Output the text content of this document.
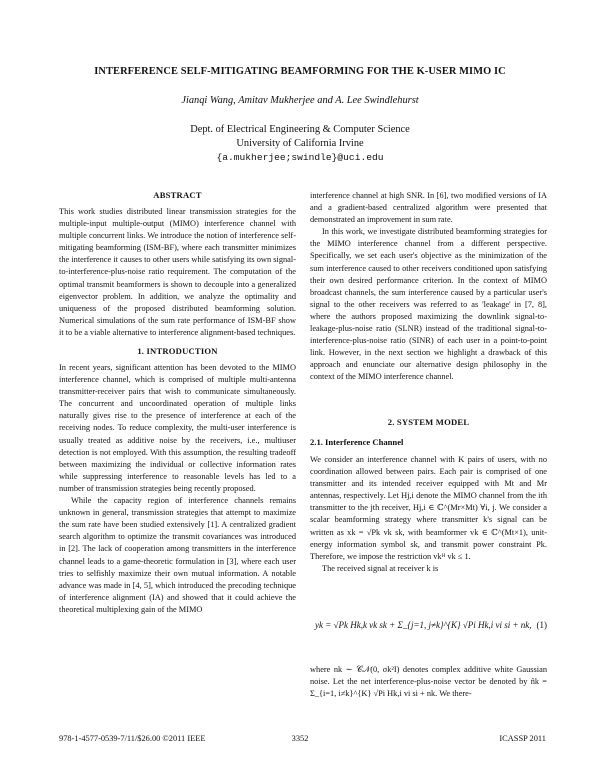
INTERFERENCE SELF-MITIGATING BEAMFORMING FOR THE K-USER MIMO IC
Jianqi Wang, Amitav Mukherjee and A. Lee Swindlehurst
Dept. of Electrical Engineering & Computer Science
University of California Irvine
{a.mukherjee;swindle}@uci.edu
ABSTRACT

This work studies distributed linear transmission strategies for the multiple-input multiple-output (MIMO) interference channel with multiple concurrent links. We introduce the notion of interference self-mitigating beamforming (ISM-BF), where each transmitter minimizes the interference it causes to other users while satisfying its own signal-to-interference-plus-noise ratio requirement. The computation of the optimal transmit beamformers is shown to decouple into a generalized eigenvector problem. In addition, we analyze the optimality and uniqueness of the proposed distributed beamforming solution. Numerical simulations of the sum rate performance of ISM-BF show it to be a viable alternative to interference alignment-based techniques.

1. INTRODUCTION

In recent years, significant attention has been devoted to the MIMO interference channel, which is comprised of multiple multi-antenna transmitter-receiver pairs that wish to communicate simultaneously. The concurrent and uncoordinated operation of multiple links naturally gives rise to the presence of interference at each of the receiving nodes. To reduce complexity, the multi-user interference is usually treated as additive noise by the receivers, i.e., multiuser detection is not employed. With this assumption, the resulting tradeoff between maximizing the individual or collective information rates while suppressing interference to reasonable levels has led to a number of transmission strategies being recently proposed.

While the capacity region of interference channels remains unknown in general, transmission strategies that attempt to maximize the sum rate have been studied extensively [1]. A centralized gradient search algorithm to optimize the transmit covariances was introduced in [2]. The lack of cooperation among transmitters in the interference channel leads to a game-theoretic formulation in [3], where each user tries to selfishly maximize their own mutual information. A notable advance was made in [4, 5], which introduced the precoding technique of interference alignment (IA) and showed that it could achieve the theoretical multiplexing gain of the MIMO

interference channel at high SNR. In [6], two modified versions of IA and a gradient-based centralized algorithm were presented that demonstrated an improvement in sum rate.

In this work, we investigate distributed beamforming strategies for the MIMO interference channel from a different perspective. Specifically, we set each user's objective as the minimization of the sum interference caused to other receivers conditioned upon satisfying their own desired performance criterion. In the context of MIMO broadcast channels, the sum interference caused by a particular user's signal to the other receivers was referred to as 'leakage' in [7, 8], where the authors proposed maximizing the downlink signal-to-leakage-plus-noise ratio (SLNR) instead of the traditional signal-to-interference-plus-noise ratio (SINR) of each user in a point-to-point link. However, in the next section we highlight a drawback of this approach and enunciate our alternative design philosophy in the context of the MIMO interference channel.

2. SYSTEM MODEL
2.1. Interference Channel

We consider an interference channel with K pairs of users, with no coordination allowed between pairs. Each pair is comprised of one transmitter and its intended receiver equipped with Mt and Mr antennas, respectively. Let Hj,i denote the MIMO channel from the ith transmitter to the jth receiver, Hj,i ∈ ℂ^(Mr×Mt) ∀i, j. We consider a scalar beamforming strategy where transmitter k's signal can be written as xk = √Pk vk sk, with beamformer vk ∈ ℂ^(Mt×1), unit-energy information symbol sk, and transmit power constraint Pk. Therefore, we impose the restriction vkᴴ vk ≤ 1.

The received signal at receiver k is

yk = √Pk Hk,k vk sk + Σ_{j=1, j≠k}^{K} √Pi Hk,i vi si + nk, (1)

where nk ∼ 𝒞𝒩(0, σk²I) denotes complex additive white Gaussian noise. Let the net interference-plus-noise vector be denoted by n̂k = Σ_{i=1, i≠k}^{K} √Pi Hk,i vi si + nk. We there-

978-1-4577-0539-7/11/$26.00 ©2011 IEEE	3352	ICASSP 2011
